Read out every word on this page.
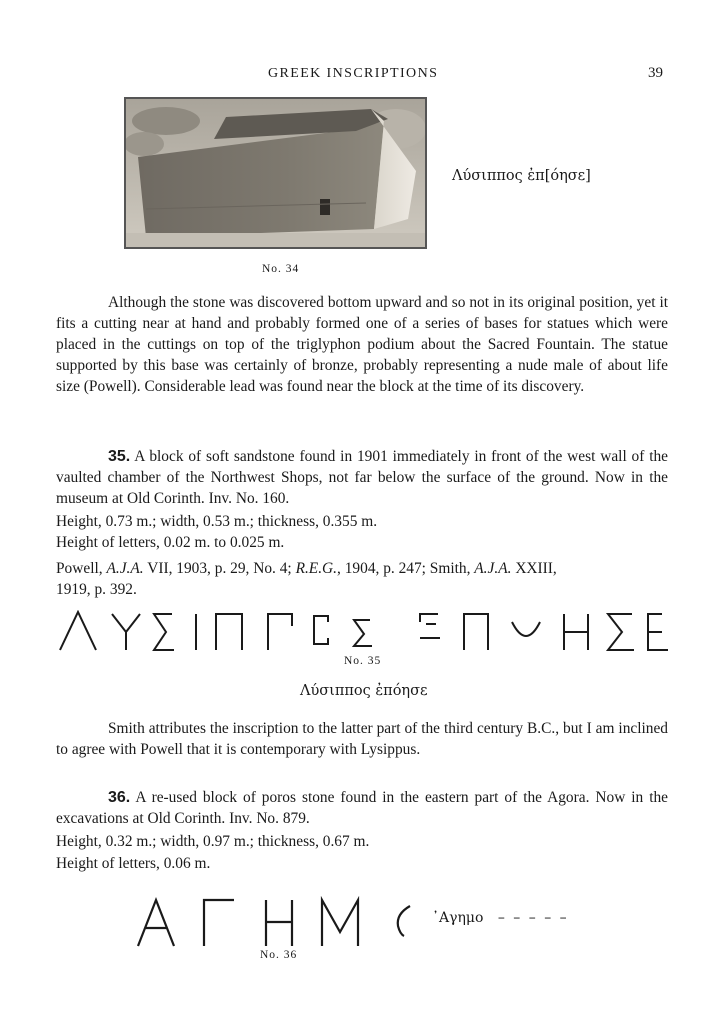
GREEK INSCRIPTIONS	39
Λύσιππος ἐπ[όησε]
No. 34

Although the stone was discovered bottom upward and so not in its original position, yet it fits a cutting near at hand and probably formed one of a series of bases for statues which were placed in the cuttings on top of the triglyphon podium about the Sacred Fountain. The statue supported by this base was certainly of bronze, probably representing a nude male of about life size (Powell). Considerable lead was found near the block at the time of its discovery.

35. A block of soft sandstone found in 1901 immediately in front of the west wall of the vaulted chamber of the Northwest Shops, not far below the surface of the ground. Now in the museum at Old Corinth. Inv. No. 160.

Height, 0.73 m.; width, 0.53 m.; thickness, 0.355 m.
Height of letters, 0.02 m. to 0.025 m.

Powell, A.J.A. VII, 1903, p. 29, No. 4; R.E.G., 1904, p. 247; Smith, A.J.A. XXIII,
1919, p. 392.

No. 35
Λύσιππος ἐπόησε

Smith attributes the inscription to the latter part of the third century B.C., but I am inclined to agree with Powell that it is contemporary with Lysippus.

36. A re-used block of poros stone found in the eastern part of the Agora. Now in the excavations at Old Corinth. Inv. No. 879.

Height, 0.32 m.; width, 0.97 m.; thickness, 0.67 m.
Height of letters, 0.06 m.
᾿Αγημο – – – – –
No. 36
